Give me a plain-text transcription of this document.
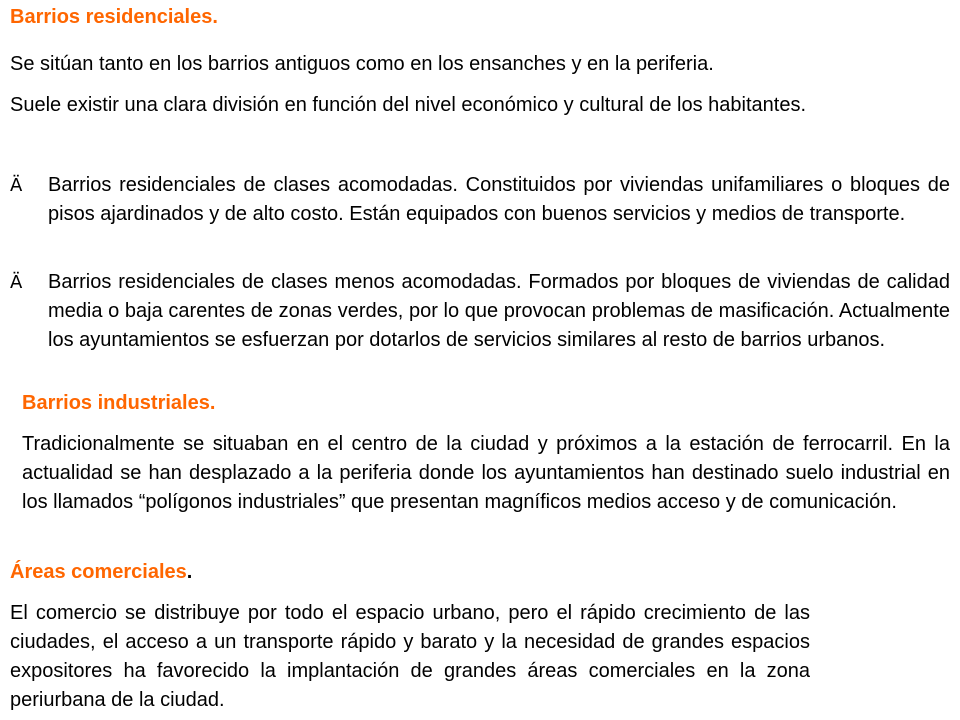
Barrios residenciales.

Se sitúan tanto en los barrios antiguos como en los ensanches y en la periferia.

Suele existir una clara división en función del nivel económico y cultural de los habitantes.

Ä	Barrios residenciales de clases acomodadas. Constituidos por viviendas unifamiliares o bloques de pisos ajardinados y de alto costo. Están equipados con buenos servicios y medios de transporte.
Ä	Barrios residenciales de clases menos acomodadas. Formados por bloques de viviendas de calidad media o baja carentes de zonas verdes, por lo que provocan problemas de masificación. Actualmente los ayuntamientos se esfuerzan por dotarlos de servicios similares al resto de barrios urbanos.
Barrios industriales.

Tradicionalmente se situaban en el centro de la ciudad y próximos a la estación de ferrocarril. En la actualidad se han desplazado a la periferia donde los ayuntamientos han destinado suelo industrial en los llamados “polígonos industriales” que presentan magníficos medios acceso y de comunicación.

Áreas comerciales.

El comercio se distribuye por todo el espacio urbano, pero el rápido crecimiento de las ciudades, el acceso a un transporte rápido y barato y la necesidad de grandes espacios expositores ha favorecido la implantación de grandes áreas comerciales en la zona periurbana de la ciudad.
